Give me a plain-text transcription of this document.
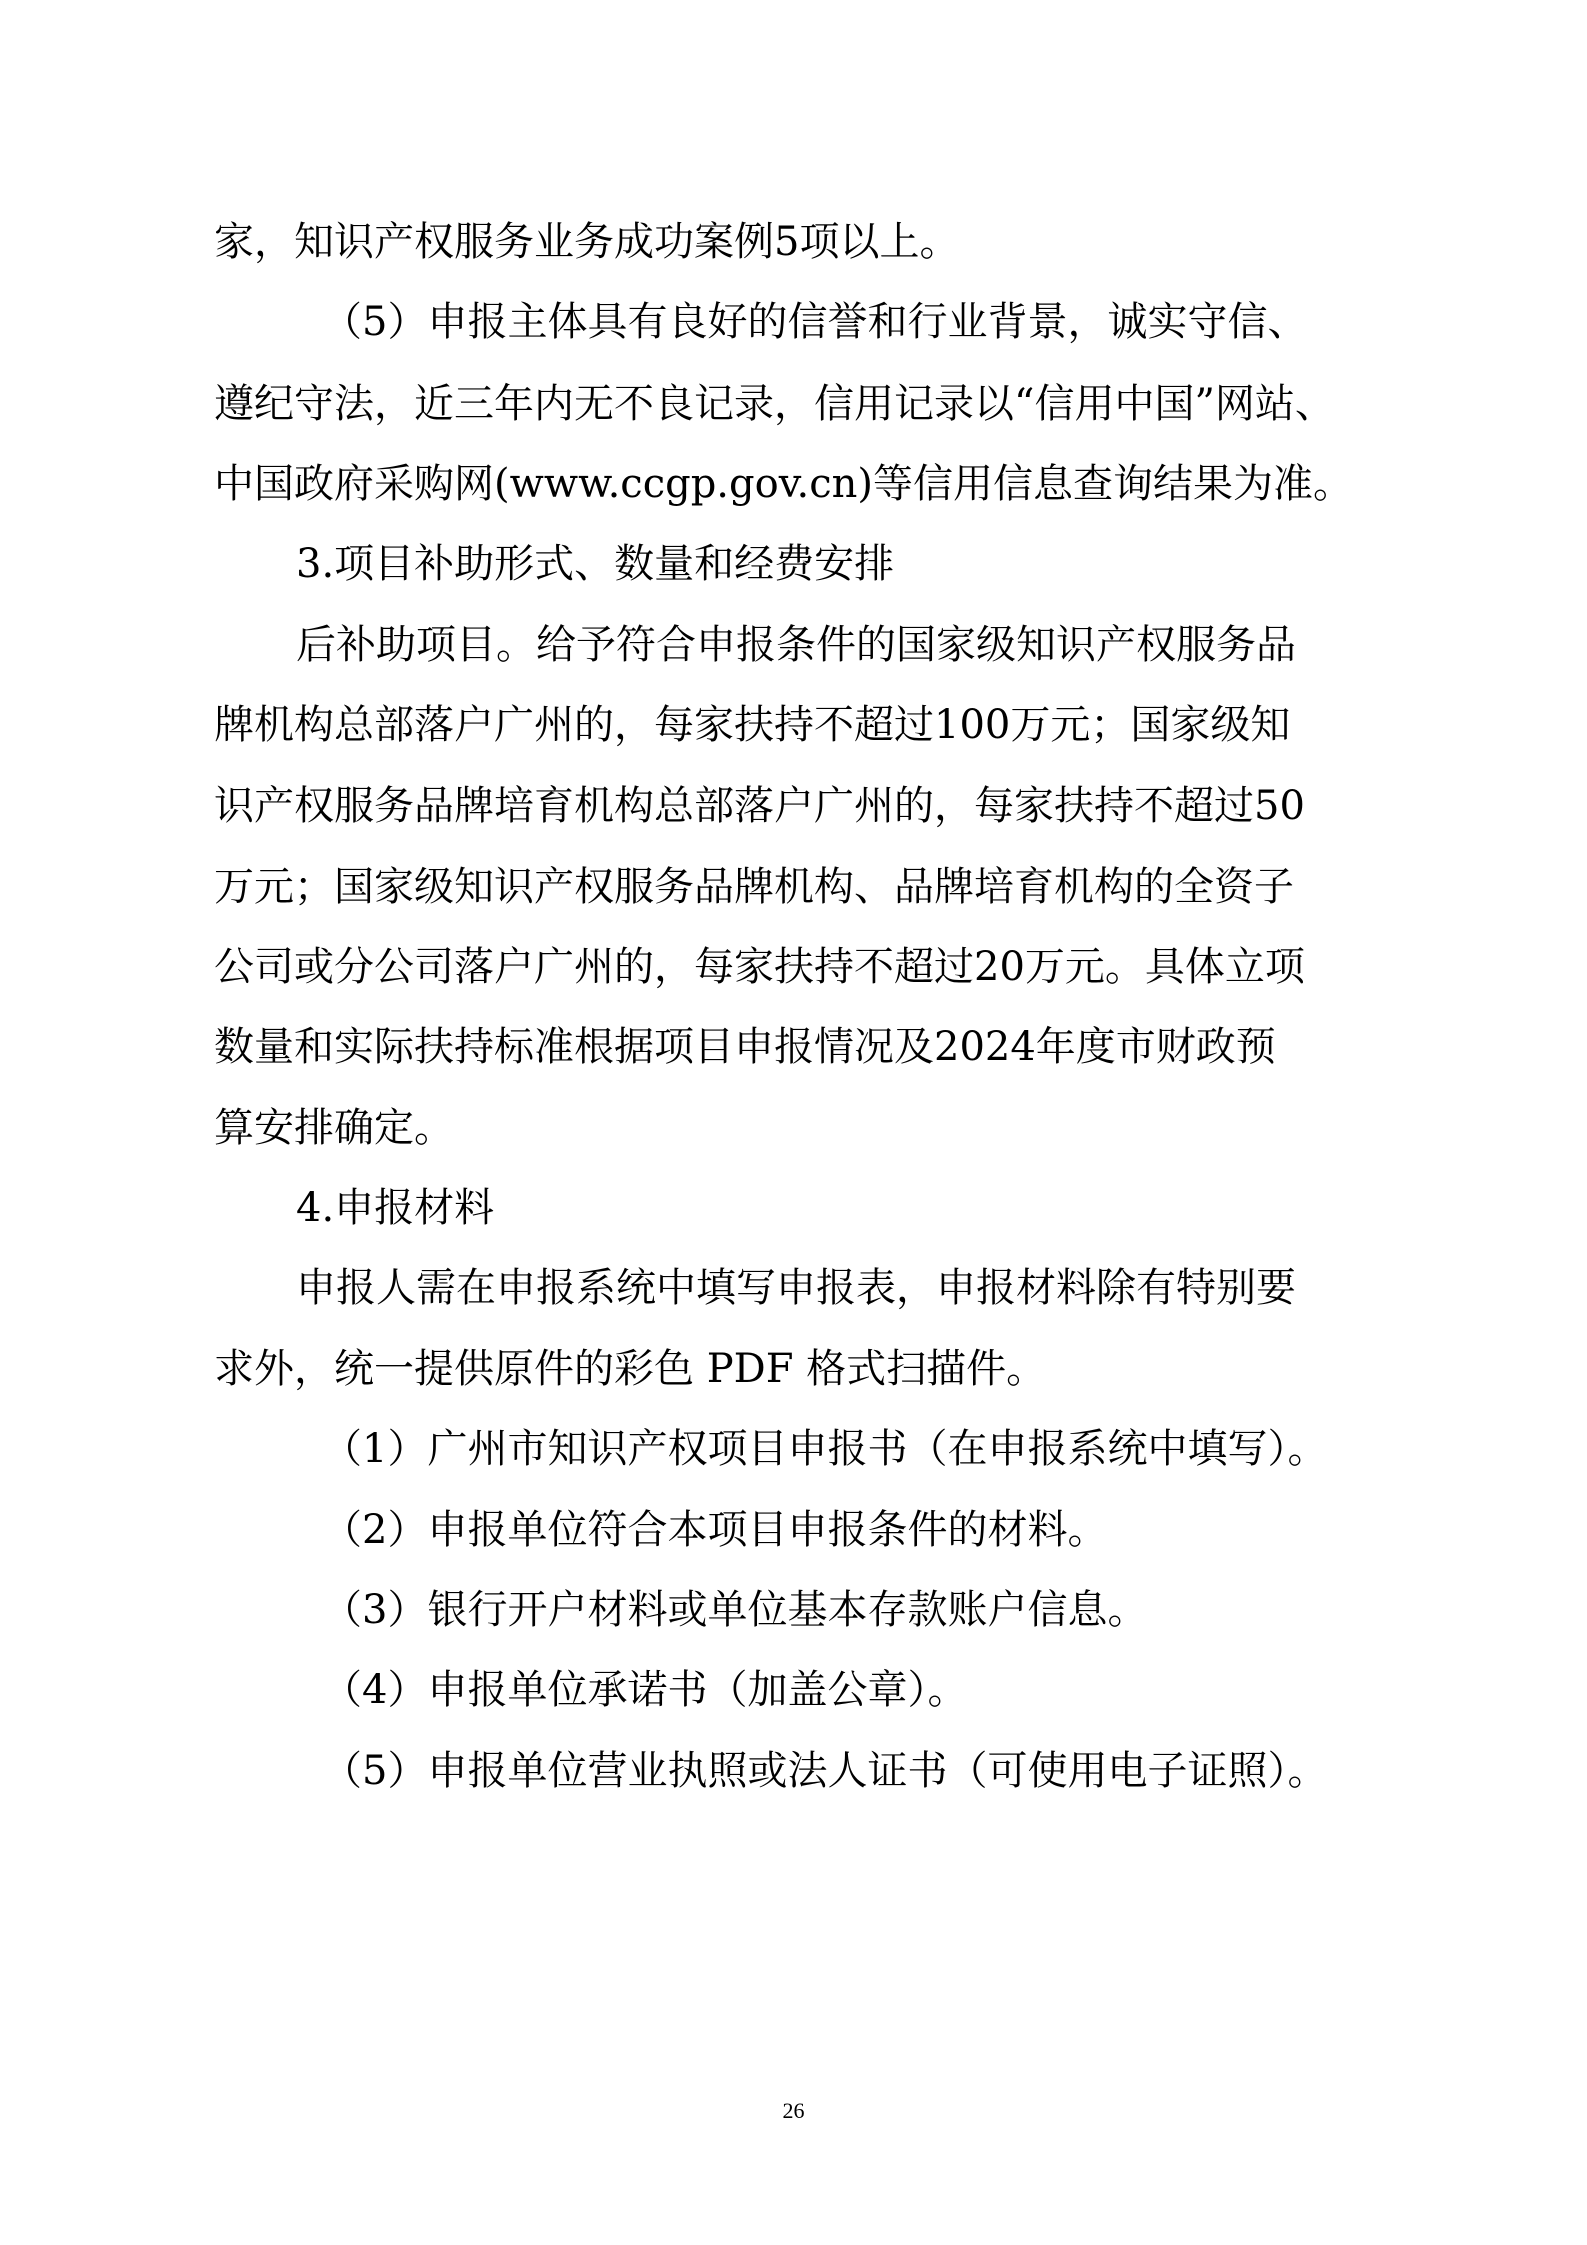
家，知识产权服务业务成功案例5项以上。

（5）申报主体具有良好的信誉和行业背景，诚实守信、

遵纪守法，近三年内无不良记录，信用记录以“信用中国”网站、

中国政府采购网(www.ccgp.gov.cn)等信用信息查询结果为准。

3.项目补助形式、数量和经费安排

后补助项目。给予符合申报条件的国家级知识产权服务品

牌机构总部落户广州的，每家扶持不超过100万元；国家级知

识产权服务品牌培育机构总部落户广州的，每家扶持不超过50

万元；国家级知识产权服务品牌机构、品牌培育机构的全资子

公司或分公司落户广州的，每家扶持不超过20万元。具体立项

数量和实际扶持标准根据项目申报情况及2024年度市财政预

算安排确定。

4.申报材料

申报人需在申报系统中填写申报表，申报材料除有特别要

求外，统一提供原件的彩色 PDF 格式扫描件。

（1）广州市知识产权项目申报书（在申报系统中填写）。

（2）申报单位符合本项目申报条件的材料。

（3）银行开户材料或单位基本存款账户信息。

（4）申报单位承诺书（加盖公章）。

（5）申报单位营业执照或法人证书（可使用电子证照）。

26
